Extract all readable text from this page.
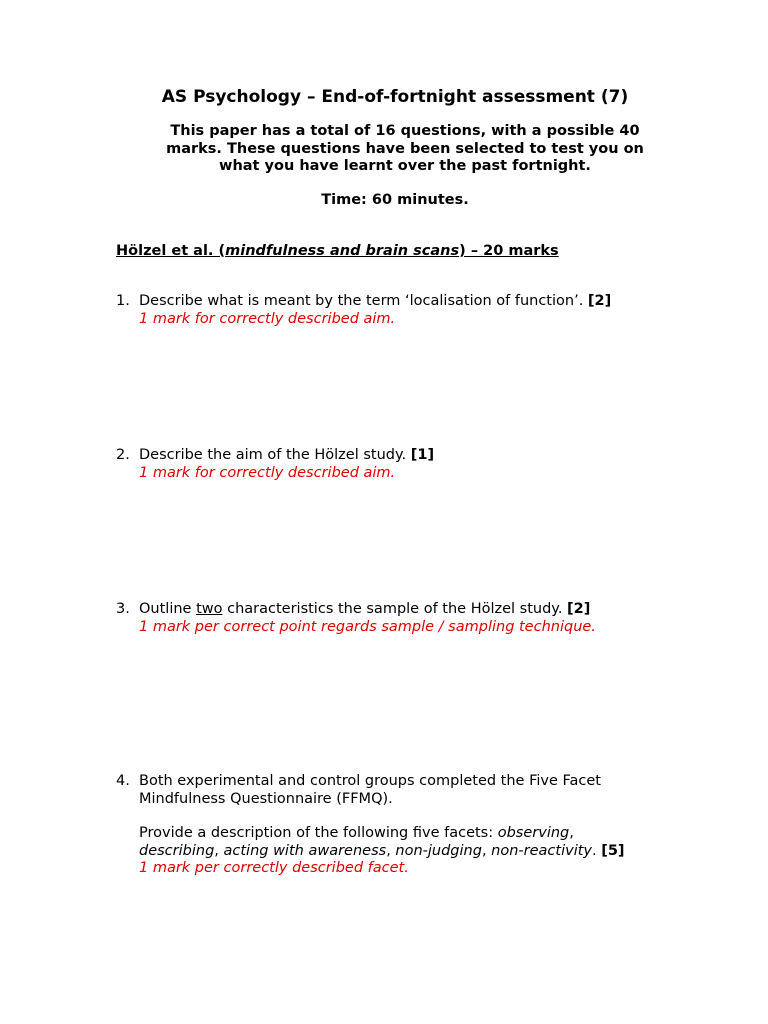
AS Psychology – End-of-fortnight assessment (7)

This paper has a total of 16 questions, with a possible 40

marks. These questions have been selected to test you on

what you have learnt over the past fortnight.

Time: 60 minutes.
Hölzel et al. (mindfulness and brain scans) – 20 marks
1. Describe what is meant by the term ‘localisation of function’. [2]
1 mark for correctly described aim.
2. Describe the aim of the Hölzel study. [1]
1 mark for correctly described aim.
3. Outline two characteristics the sample of the Hölzel study. [2]
1 mark per correct point regards sample / sampling technique.
4. Both experimental and control groups completed the Five Facet
Mindfulness Questionnaire (FFMQ).
Provide a description of the following five facets: observing,
describing, acting with awareness, non-judging, non-reactivity. [5]
1 mark per correctly described facet.
